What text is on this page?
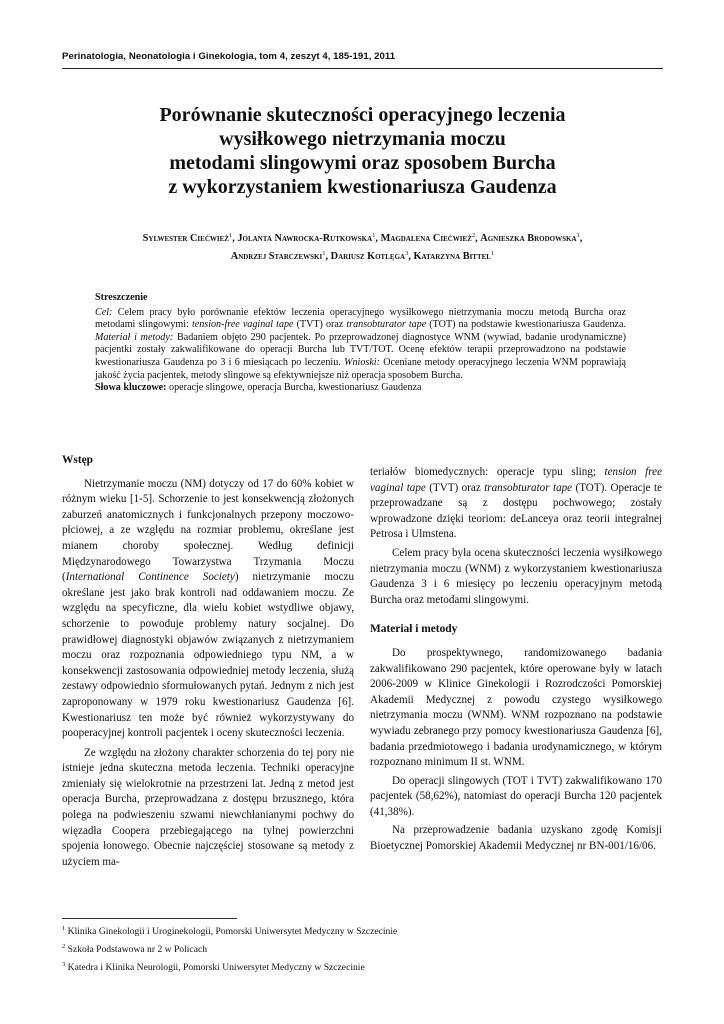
Perinatologia, Neonatologia i Ginekologia, tom 4, zeszyt 4, 185-191, 2011
Porównanie skuteczności operacyjnego leczenia
wysiłkowego nietrzymania moczu
metodami slingowymi oraz sposobem Burcha
z wykorzystaniem kwestionariusza Gaudenza
Sylwester Ciećwież$^1$, Jolanta Nawrocka-Rutkowska$^1$, Magdalena Ciećwież$^2$, Agnieszka Brodowska$^1$,
Andrzej Starczewski$^1$, Dariusz Kotlęga$^3$, Katarzyna Bittel$^1$
Streszczenie

Cel: Celem pracy było porównanie efektów leczenia operacyjnego wysiłkowego nietrzymania moczu metodą Burcha oraz metodami slingowymi: tension-free vaginal tape (TVT) oraz transobturator tape (TOT) na podstawie kwestionariusza Gaudenza. Materiał i metody: Badaniem objęto 290 pacjentek. Po przeprowadzonej diagnostyce WNM (wywiad, badanie urodynamiczne) pacjentki zostały zakwalifikowane do operacji Burcha lub TVT/TOT. Ocenę efektów terapii przeprowadzono na podstawie kwestionariusza Gaudenza po 3 i 6 miesiącach po leczeniu. Wnioski: Oceniane metody operacyjnego leczenia WNM poprawiają jakość życia pacjentek, metody slingowe są efektywniejsze niż operacja sposobem Burcha.

Słowa kluczowe: operacje slingowe, operacja Burcha, kwestionariusz Gaudenza

Wstęp

Nietrzymanie moczu (NM) dotyczy od 17 do 60% kobiet w różnym wieku [1-5]. Schorzenie to jest konsekwencją złożonych zaburzeń anatomicznych i funkcjonalnych przepony moczowo-płciowej, a ze względu na rozmiar problemu, określane jest mianem choroby społecznej. Według definicji Międzynarodowego Towarzystwa Trzymania Moczu (International Continence Society) nietrzymanie moczu określane jest jako brak kontroli nad oddawaniem moczu. Ze względu na specyficzne, dla wielu kobiet wstydliwe objawy, schorzenie to powoduje problemy natury socjalnej. Do prawidłowej diagnostyki objawów związanych z nietrzymaniem moczu oraz rozpoznania odpowiedniego typu NM, a w konsekwencji zastosowania odpowiedniej metody leczenia, służą zestawy odpowiednio sformułowanych pytań. Jednym z nich jest zaproponowany w 1979 roku kwestionariusz Gaudenza [6]. Kwestionariusz ten może być również wykorzystywany do pooperacyjnej kontroli pacjentek i oceny skuteczności leczenia.

Ze względu na złożony charakter schorzenia do tej pory nie istnieje jedna skuteczna metoda leczenia. Techniki operacyjne zmieniały się wielokrotnie na przestrzeni lat. Jedną z metod jest operacja Burcha, przeprowadzana z dostępu brzusznego, która polega na podwieszeniu szwami niewchłanianymi pochwy do więzadła Coopera przebiegającego na tylnej powierzchni spojenia łonowego. Obecnie najczęściej stosowane są metody z użyciem ma-

teriałów biomedycznych: operacje typu sling; tension free vaginal tape (TVT) oraz transobturator tape (TOT). Operacje te przeprowadzane są z dostępu pochwowego; zostały wprowadzone dzięki teoriom: deLanceya oraz teorii integralnej Petrosa i Ulmstena.

Celem pracy była ocena skuteczności leczenia wysiłkowego nietrzymania moczu (WNM) z wykorzystaniem kwestionariusza Gaudenza 3 i 6 miesięcy po leczeniu operacyjnym metodą Burcha oraz metodami slingowymi.

Materiał i metody

Do prospektywnego, randomizowanego badania zakwalifikowano 290 pacjentek, które operowane były w latach 2006-2009 w Klinice Ginekologii i Rozrodczości Pomorskiej Akademii Medycznej z powodu czystego wysiłkowego nietrzymania moczu (WNM). WNM rozpoznano na podstawie wywiadu zebranego przy pomocy kwestionariusza Gaudenza [6], badania przedmiotowego i badania urodynamicznego, w którym rozpoznano minimum II st. WNM.

Do operacji slingowych (TOT i TVT) zakwalifikowano 170 pacjentek (58,62%), natomiast do operacji Burcha 120 pacjentek (41,38%).

Na przeprowadzenie badania uzyskano zgodę Komisji Bioetycznej Pomorskiej Akademii Medycznej nr BN-001/16/06.

$^1$ Klinika Ginekologii i Uroginekologii, Pomorski Uniwersytet Medyczny w Szczecinie
$^2$ Szkoła Podstawowa nr 2 w Policach
$^3$ Katedra i Klinika Neurologii, Pomorski Uniwersytet Medyczny w Szczecinie
